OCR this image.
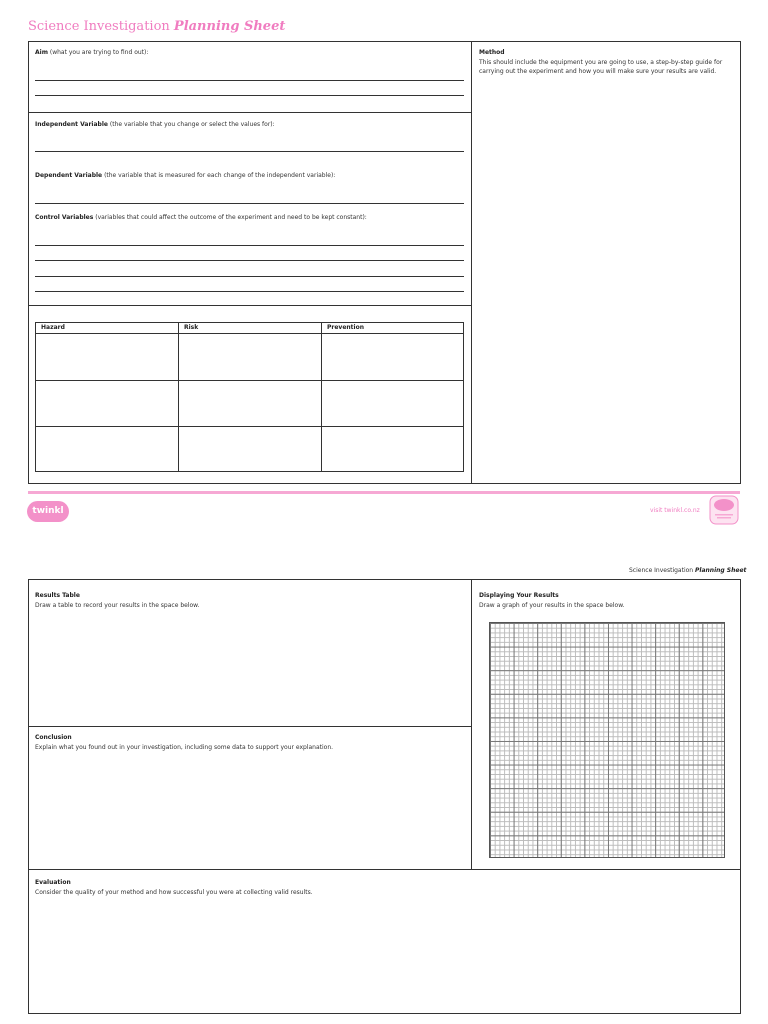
Science Investigation Planning Sheet
Aim (what you are trying to find out):
Independent Variable (the variable that you change or select the values for):
Dependent Variable (the variable that is measured for each change of the independent variable):
Control Variables (variables that could affect the outcome of the experiment and need to be kept constant):
Method
This should include the equipment you are going to use, a step-by-step guide for carrying out the experiment and how you will make sure your results are valid.
Hazard	Risk	Prevention
twinkl	visit twinkl.co.nz
Science Investigation Planning Sheet
Results Table
Draw a table to record your results in the space below.
Displaying Your Results
Draw a graph of your results in the space below.
Conclusion
Explain what you found out in your investigation, including some data to support your explanation.
Evaluation
Consider the quality of your method and how successful you were at collecting valid results.
